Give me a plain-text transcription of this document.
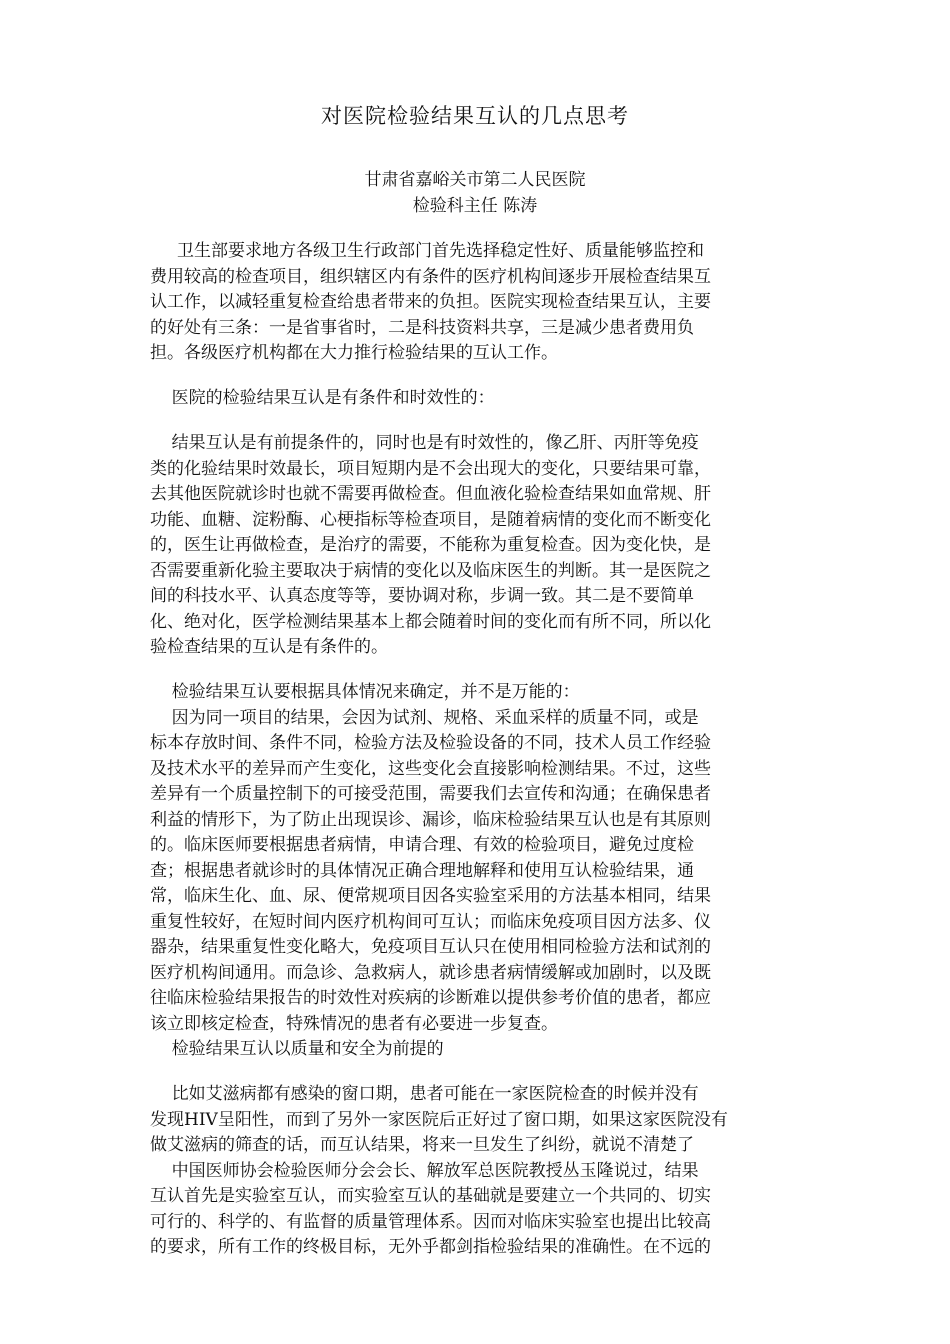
对医院检验结果互认的几点思考
甘肃省嘉峪关市第二人民医院
检验科主任 陈涛
卫生部要求地方各级卫生行政部门首先选择稳定性好、质量能够监控和
费用较高的检查项目，组织辖区内有条件的医疗机构间逐步开展检查结果互
认工作，以减轻重复检查给患者带来的负担。医院实现检查结果互认，主要
的好处有三条：一是省事省时，二是科技资料共享，三是减少患者费用负
担。各级医疗机构都在大力推行检验结果的互认工作。
医院的检验结果互认是有条件和时效性的：
结果互认是有前提条件的，同时也是有时效性的，像乙肝、丙肝等免疫
类的化验结果时效最长，项目短期内是不会出现大的变化，只要结果可靠，
去其他医院就诊时也就不需要再做检查。但血液化验检查结果如血常规、肝
功能、血糖、淀粉酶、心梗指标等检查项目，是随着病情的变化而不断变化
的，医生让再做检查，是治疗的需要，不能称为重复检查。因为变化快，是
否需要重新化验主要取决于病情的变化以及临床医生的判断。其一是医院之
间的科技水平、认真态度等等，要协调对称，步调一致。其二是不要简单
化、绝对化，医学检测结果基本上都会随着时间的变化而有所不同，所以化
验检查结果的互认是有条件的。
检验结果互认要根据具体情况来确定，并不是万能的：
因为同一项目的结果，会因为试剂、规格、采血采样的质量不同，或是
标本存放时间、条件不同，检验方法及检验设备的不同，技术人员工作经验
及技术水平的差异而产生变化，这些变化会直接影响检测结果。不过，这些
差异有一个质量控制下的可接受范围，需要我们去宣传和沟通；在确保患者
利益的情形下，为了防止出现误诊、漏诊，临床检验结果互认也是有其原则
的。临床医师要根据患者病情，申请合理、有效的检验项目，避免过度检
查；根据患者就诊时的具体情况正确合理地解释和使用互认检验结果，通
常，临床生化、血、尿、便常规项目因各实验室采用的方法基本相同，结果
重复性较好，在短时间内医疗机构间可互认；而临床免疫项目因方法多、仪
器杂，结果重复性变化略大，免疫项目互认只在使用相同检验方法和试剂的
医疗机构间通用。而急诊、急救病人，就诊患者病情缓解或加剧时，以及既
往临床检验结果报告的时效性对疾病的诊断难以提供参考价值的患者，都应
该立即核定检查，特殊情况的患者有必要进一步复查。
检验结果互认以质量和安全为前提的
比如艾滋病都有感染的窗口期，患者可能在一家医院检查的时候并没有
发现HIV呈阳性，而到了另外一家医院后正好过了窗口期，如果这家医院没有
做艾滋病的筛查的话，而互认结果，将来一旦发生了纠纷，就说不清楚了
中国医师协会检验医师分会会长、解放军总医院教授丛玉隆说过，结果
互认首先是实验室互认，而实验室互认的基础就是要建立一个共同的、切实
可行的、科学的、有监督的质量管理体系。因而对临床实验室也提出比较高
的要求，所有工作的终极目标，无外乎都剑指检验结果的准确性。在不远的
